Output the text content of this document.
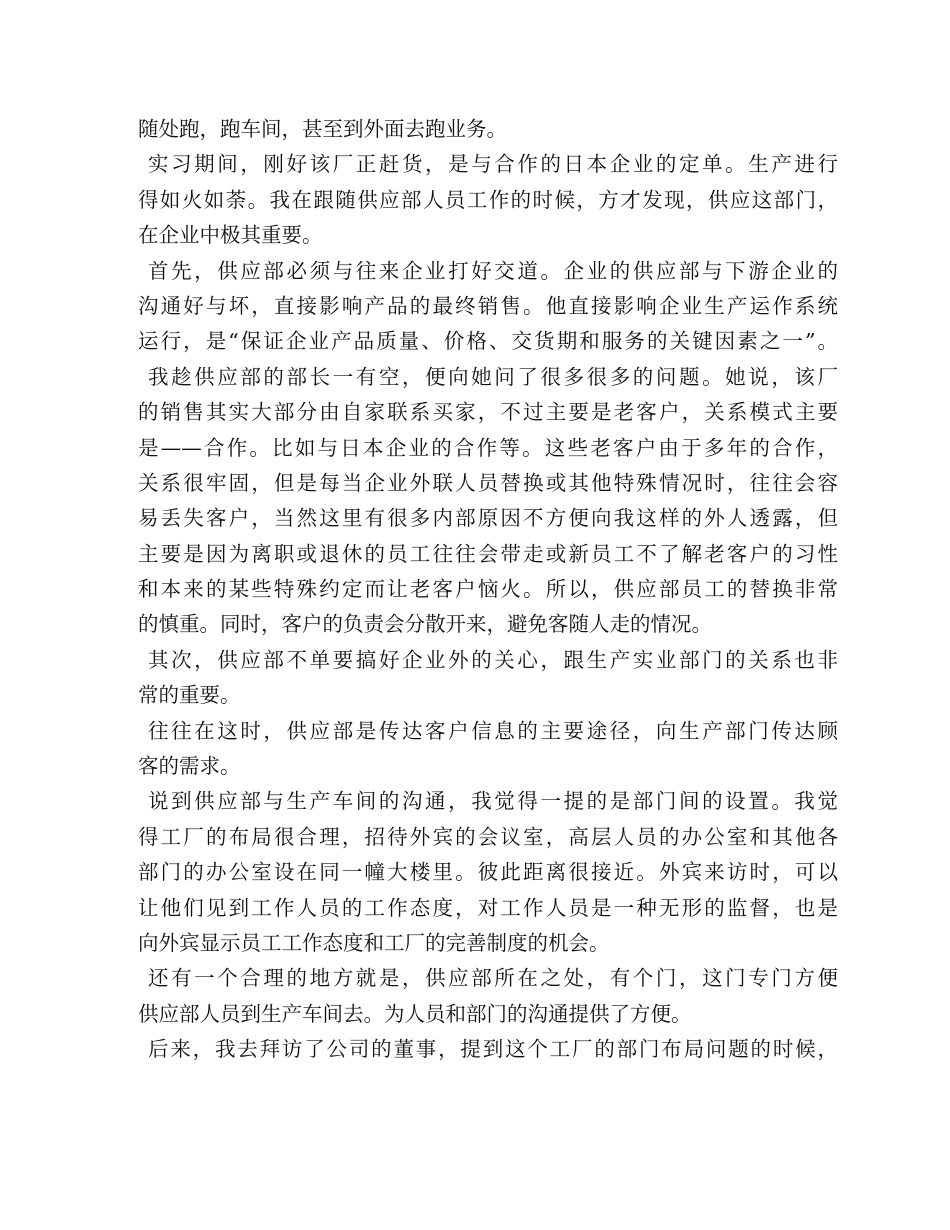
随处跑，跑车间，甚至到外面去跑业务。
实习期间，刚好该厂正赶货，是与合作的日本企业的定单。生产进行
得如火如荼。我在跟随供应部人员工作的时候，方才发现，供应这部门，
在企业中极其重要。
首先，供应部必须与往来企业打好交道。企业的供应部与下游企业的
沟通好与坏，直接影响产品的最终销售。他直接影响企业生产运作系统
运行，是“保证企业产品质量、价格、交货期和服务的关键因素之一”。
我趁供应部的部长一有空，便向她问了很多很多的问题。她说，该厂
的销售其实大部分由自家联系买家，不过主要是老客户，关系模式主要
是——合作。比如与日本企业的合作等。这些老客户由于多年的合作，
关系很牢固，但是每当企业外联人员替换或其他特殊情况时，往往会容
易丢失客户，当然这里有很多内部原因不方便向我这样的外人透露，但
主要是因为离职或退休的员工往往会带走或新员工不了解老客户的习性
和本来的某些特殊约定而让老客户恼火。所以，供应部员工的替换非常
的慎重。同时，客户的负责会分散开来，避免客随人走的情况。
其次，供应部不单要搞好企业外的关心，跟生产实业部门的关系也非
常的重要。
往往在这时，供应部是传达客户信息的主要途径，向生产部门传达顾
客的需求。
说到供应部与生产车间的沟通，我觉得一提的是部门间的设置。我觉
得工厂的布局很合理，招待外宾的会议室，高层人员的办公室和其他各
部门的办公室设在同一幢大楼里。彼此距离很接近。外宾来访时，可以
让他们见到工作人员的工作态度，对工作人员是一种无形的监督，也是
向外宾显示员工工作态度和工厂的完善制度的机会。
还有一个合理的地方就是，供应部所在之处，有个门，这门专门方便
供应部人员到生产车间去。为人员和部门的沟通提供了方便。
后来，我去拜访了公司的董事，提到这个工厂的部门布局问题的时候，
